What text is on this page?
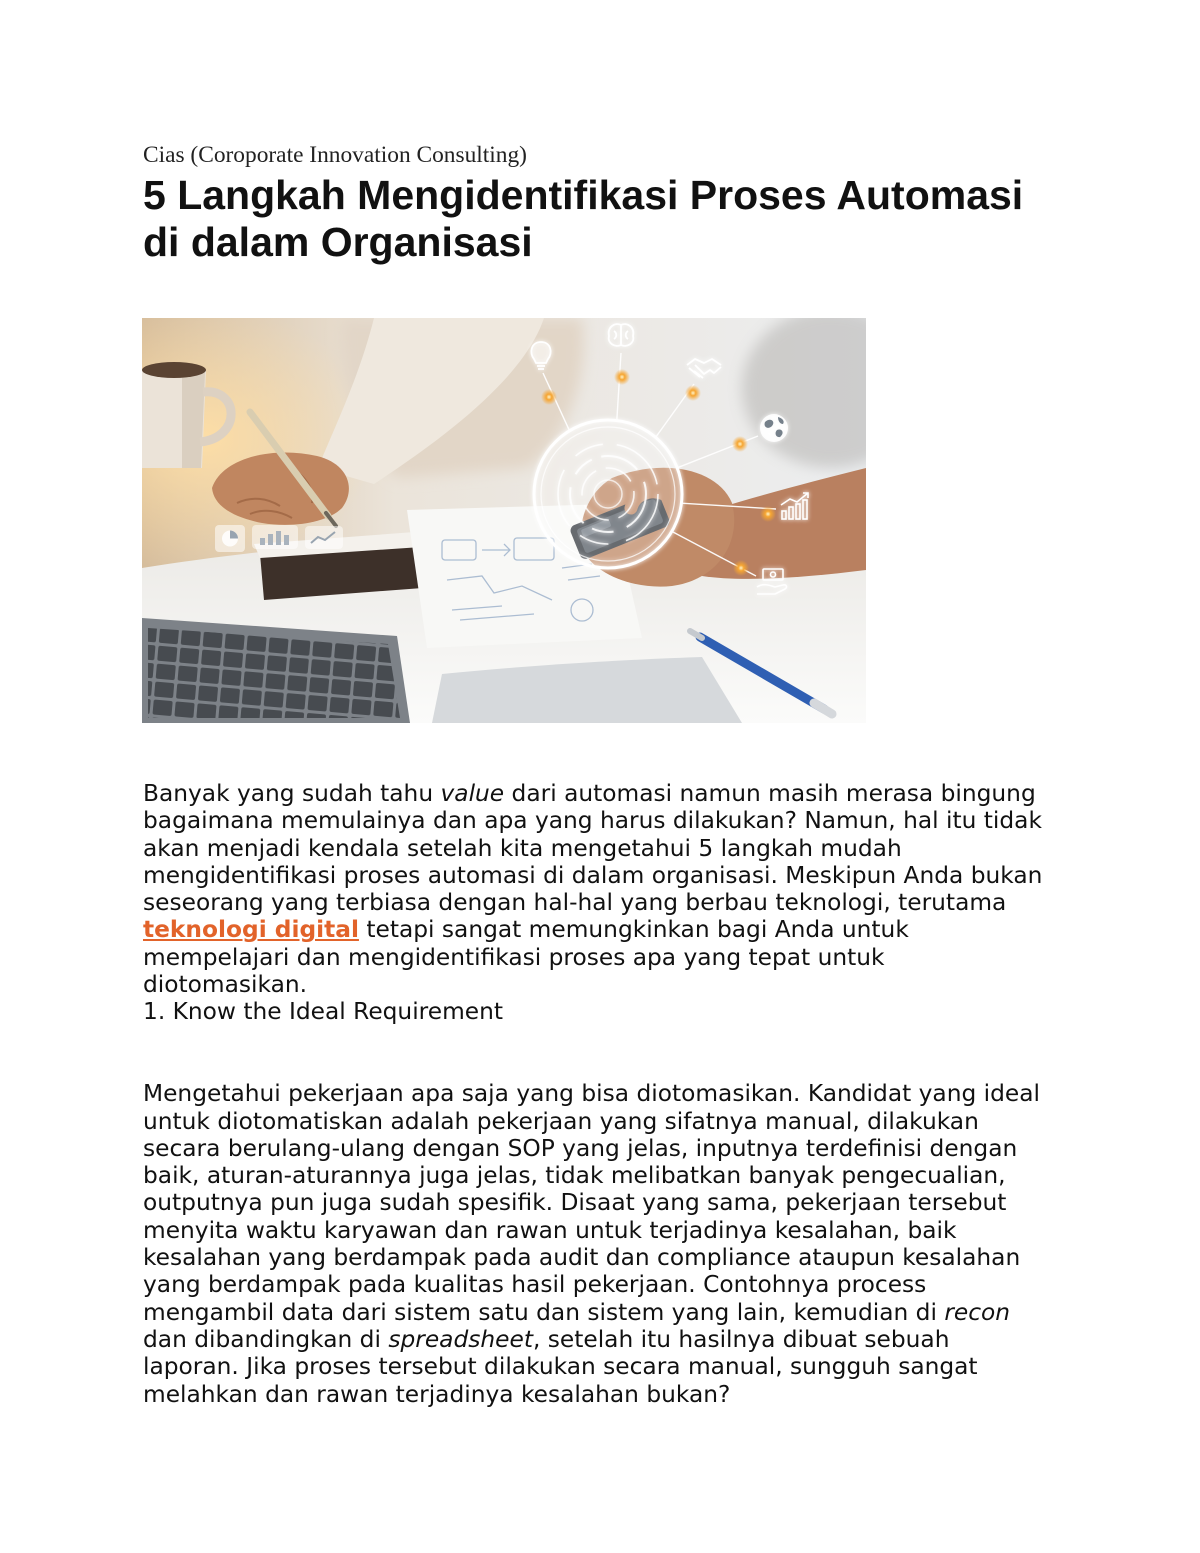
Cias (Coroporate Innovation Consulting)
5 Langkah Mengidentifikasi Proses Automasi
di dalam Organisasi
Banyak yang sudah tahu value dari automasi namun masih merasa bingung
bagaimana memulainya dan apa yang harus dilakukan? Namun, hal itu tidak
akan menjadi kendala setelah kita mengetahui 5 langkah mudah
mengidentifikasi proses automasi di dalam organisasi. Meskipun Anda bukan
seseorang yang terbiasa dengan hal-hal yang berbau teknologi, terutama
teknologi digital tetapi sangat memungkinkan bagi Anda untuk
mempelajari dan mengidentifikasi proses apa yang tepat untuk
diotomasikan.
1. Know the Ideal Requirement
Mengetahui pekerjaan apa saja yang bisa diotomasikan. Kandidat yang ideal
untuk diotomatiskan adalah pekerjaan yang sifatnya manual, dilakukan
secara berulang-ulang dengan SOP yang jelas, inputnya terdefinisi dengan
baik, aturan-aturannya juga jelas, tidak melibatkan banyak pengecualian,
outputnya pun juga sudah spesifik. Disaat yang sama, pekerjaan tersebut
menyita waktu karyawan dan rawan untuk terjadinya kesalahan, baik
kesalahan yang berdampak pada audit dan compliance ataupun kesalahan
yang berdampak pada kualitas hasil pekerjaan. Contohnya process
mengambil data dari sistem satu dan sistem yang lain, kemudian di recon
dan dibandingkan di spreadsheet, setelah itu hasilnya dibuat sebuah
laporan. Jika proses tersebut dilakukan secara manual, sungguh sangat
melahkan dan rawan terjadinya kesalahan bukan?
